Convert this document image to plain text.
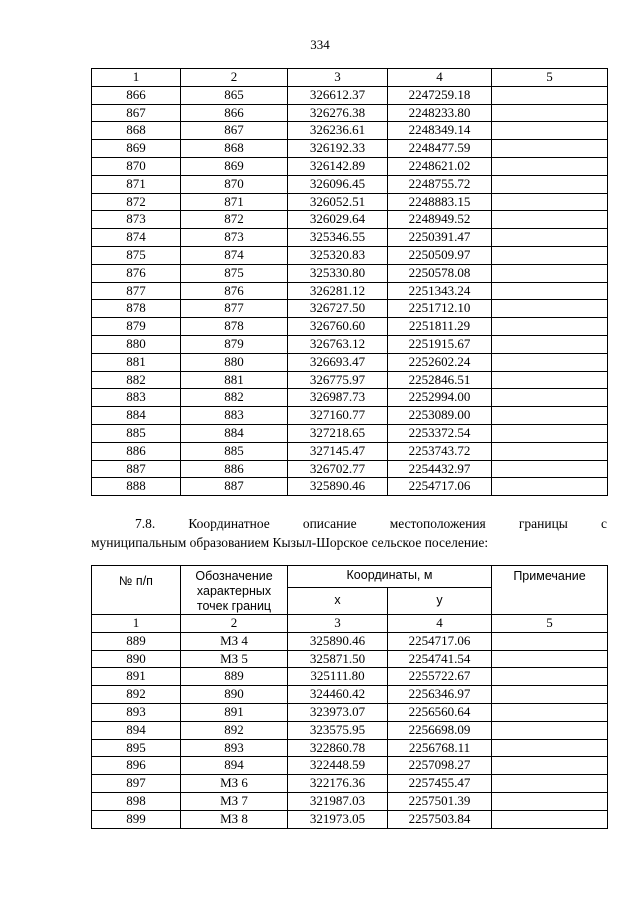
334
1	2	3	4	5
866	865	326612.37	2247259.18	
867	866	326276.38	2248233.80	
868	867	326236.61	2248349.14	
869	868	326192.33	2248477.59	
870	869	326142.89	2248621.02	
871	870	326096.45	2248755.72	
872	871	326052.51	2248883.15	
873	872	326029.64	2248949.52	
874	873	325346.55	2250391.47	
875	874	325320.83	2250509.97	
876	875	325330.80	2250578.08	
877	876	326281.12	2251343.24	
878	877	326727.50	2251712.10	
879	878	326760.60	2251811.29	
880	879	326763.12	2251915.67	
881	880	326693.47	2252602.24	
882	881	326775.97	2252846.51	
883	882	326987.73	2252994.00	
884	883	327160.77	2253089.00	
885	884	327218.65	2253372.54	
886	885	327145.47	2253743.72	
887	886	326702.77	2254432.97	
888	887	325890.46	2254717.06	
7.8. Координатное описание местоположения границы с
муниципальным образованием Кызыл-Шорское сельское поселение:
№ п/п	Обозначение характерных точек границ	Координаты, м		Примечание
		x	y	
1	2	3	4	5
889	МЗ 4	325890.46	2254717.06	
890	МЗ 5	325871.50	2254741.54	
891	889	325111.80	2255722.67	
892	890	324460.42	2256346.97	
893	891	323973.07	2256560.64	
894	892	323575.95	2256698.09	
895	893	322860.78	2256768.11	
896	894	322448.59	2257098.27	
897	МЗ 6	322176.36	2257455.47	
898	МЗ 7	321987.03	2257501.39	
899	МЗ 8	321973.05	2257503.84	
